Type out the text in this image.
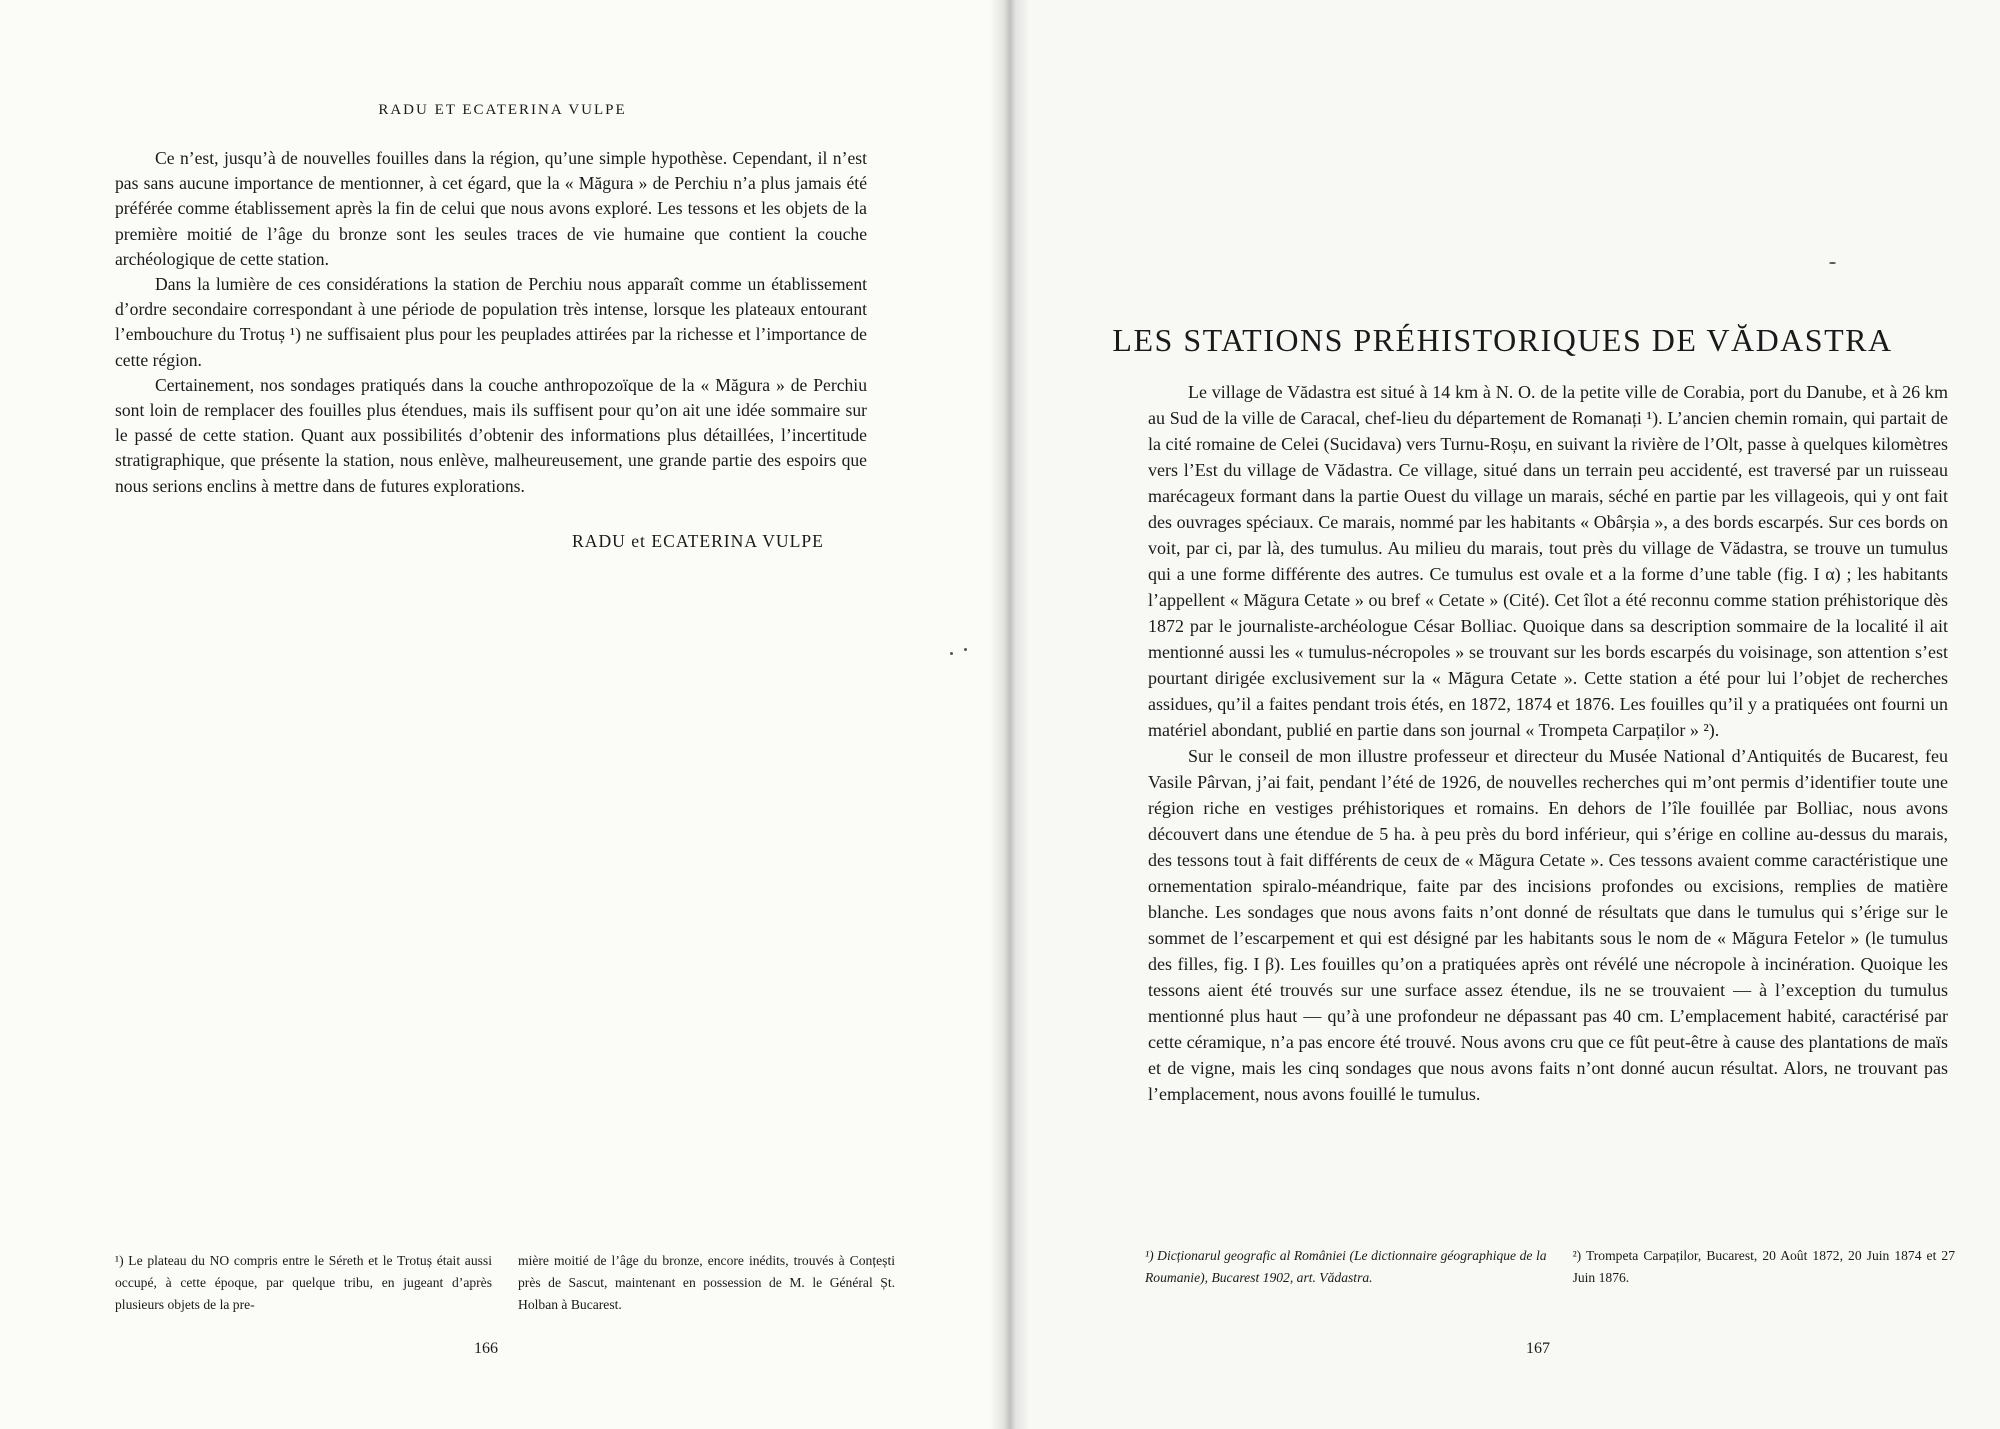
RADU ET ECATERINA VULPE

Ce n’est, jusqu’à de nouvelles fouilles dans la région, qu’une simple hypothèse. Cependant, il n’est pas sans aucune importance de mentionner, à cet égard, que la « Măgura » de Perchiu n’a plus jamais été préférée comme établissement après la fin de celui que nous avons exploré. Les tessons et les objets de la première moitié de l’âge du bronze sont les seules traces de vie humaine que contient la couche archéologique de cette station.

Dans la lumière de ces considérations la station de Perchiu nous apparaît comme un établissement d’ordre secondaire correspondant à une période de population très intense, lorsque les plateaux entourant l’embouchure du Trotuș ¹) ne suffisaient plus pour les peuplades attirées par la richesse et l’importance de cette région.

Certainement, nos sondages pratiqués dans la couche anthropozoïque de la « Măgura » de Perchiu sont loin de remplacer des fouilles plus étendues, mais ils suffisent pour qu’on ait une idée sommaire sur le passé de cette station. Quant aux possibilités d’obtenir des informations plus détaillées, l’incertitude stratigraphique, que présente la station, nous enlève, malheureusement, une grande partie des espoirs que nous serions enclins à mettre dans de futures explorations.

RADU et ECATERINA VULPE
¹) Le plateau du NO compris entre le Séreth et le Trotuș était aussi occupé, à cette époque, par quelque tribu, en jugeant d’après plusieurs objets de la pre-
mière moitié de l’âge du bronze, encore inédits, trouvés à Conțești près de Sascut, maintenant en possession de M. le Général Șt. Holban à Bucarest.
166
LES STATIONS PRÉHISTORIQUES DE VĂDASTRA

Le village de Vădastra est situé à 14 km à N. O. de la petite ville de Corabia, port du Danube, et à 26 km au Sud de la ville de Caracal, chef-lieu du département de Romanați ¹). L’ancien chemin romain, qui partait de la cité romaine de Celei (Sucidava) vers Turnu-Roșu, en suivant la rivière de l’Olt, passe à quelques kilomètres vers l’Est du village de Vădastra. Ce village, situé dans un terrain peu accidenté, est traversé par un ruisseau marécageux formant dans la partie Ouest du village un marais, séché en partie par les villageois, qui y ont fait des ouvrages spéciaux. Ce marais, nommé par les habitants « Obârșia », a des bords escarpés. Sur ces bords on voit, par ci, par là, des tumulus. Au milieu du marais, tout près du village de Vădastra, se trouve un tumulus qui a une forme différente des autres. Ce tumulus est ovale et a la forme d’une table (fig. I α) ; les habitants l’appellent « Măgura Cetate » ou bref « Cetate » (Cité). Cet îlot a été reconnu comme station préhistorique dès 1872 par le journaliste-archéologue César Bolliac. Quoique dans sa description sommaire de la localité il ait mentionné aussi les « tumulus-nécropoles » se trouvant sur les bords escarpés du voisinage, son attention s’est pourtant dirigée exclusivement sur la « Măgura Cetate ». Cette station a été pour lui l’objet de recherches assidues, qu’il a faites pendant trois étés, en 1872, 1874 et 1876. Les fouilles qu’il y a pratiquées ont fourni un matériel abondant, publié en partie dans son journal « Trompeta Carpaților » ²).

Sur le conseil de mon illustre professeur et directeur du Musée National d’Antiquités de Bucarest, feu Vasile Pârvan, j’ai fait, pendant l’été de 1926, de nouvelles recherches qui m’ont permis d’identifier toute une région riche en vestiges préhistoriques et romains. En dehors de l’île fouillée par Bolliac, nous avons découvert dans une étendue de 5 ha. à peu près du bord inférieur, qui s’érige en colline au-dessus du marais, des tessons tout à fait différents de ceux de « Măgura Cetate ». Ces tessons avaient comme caractéristique une ornementation spiralo-méandrique, faite par des incisions profondes ou excisions, remplies de matière blanche. Les sondages que nous avons faits n’ont donné de résultats que dans le tumulus qui s’érige sur le sommet de l’escarpement et qui est désigné par les habitants sous le nom de « Măgura Fetelor » (le tumulus des filles, fig. I β). Les fouilles qu’on a pratiquées après ont révélé une nécropole à incinération. Quoique les tessons aient été trouvés sur une surface assez étendue, ils ne se trouvaient — à l’exception du tumulus mentionné plus haut — qu’à une profondeur ne dépassant pas 40 cm. L’emplacement habité, caractérisé par cette céramique, n’a pas encore été trouvé. Nous avons cru que ce fût peut-être à cause des plantations de maïs et de vigne, mais les cinq sondages que nous avons faits n’ont donné aucun résultat. Alors, ne trouvant pas l’emplacement, nous avons fouillé le tumulus.

¹) Dicționarul geografic al României (Le dictionnaire géographique de la Roumanie), Bucarest 1902, art. Vădastra.
²) Trompeta Carpaților, Bucarest, 20 Août 1872, 20 Juin 1874 et 27 Juin 1876.
167
